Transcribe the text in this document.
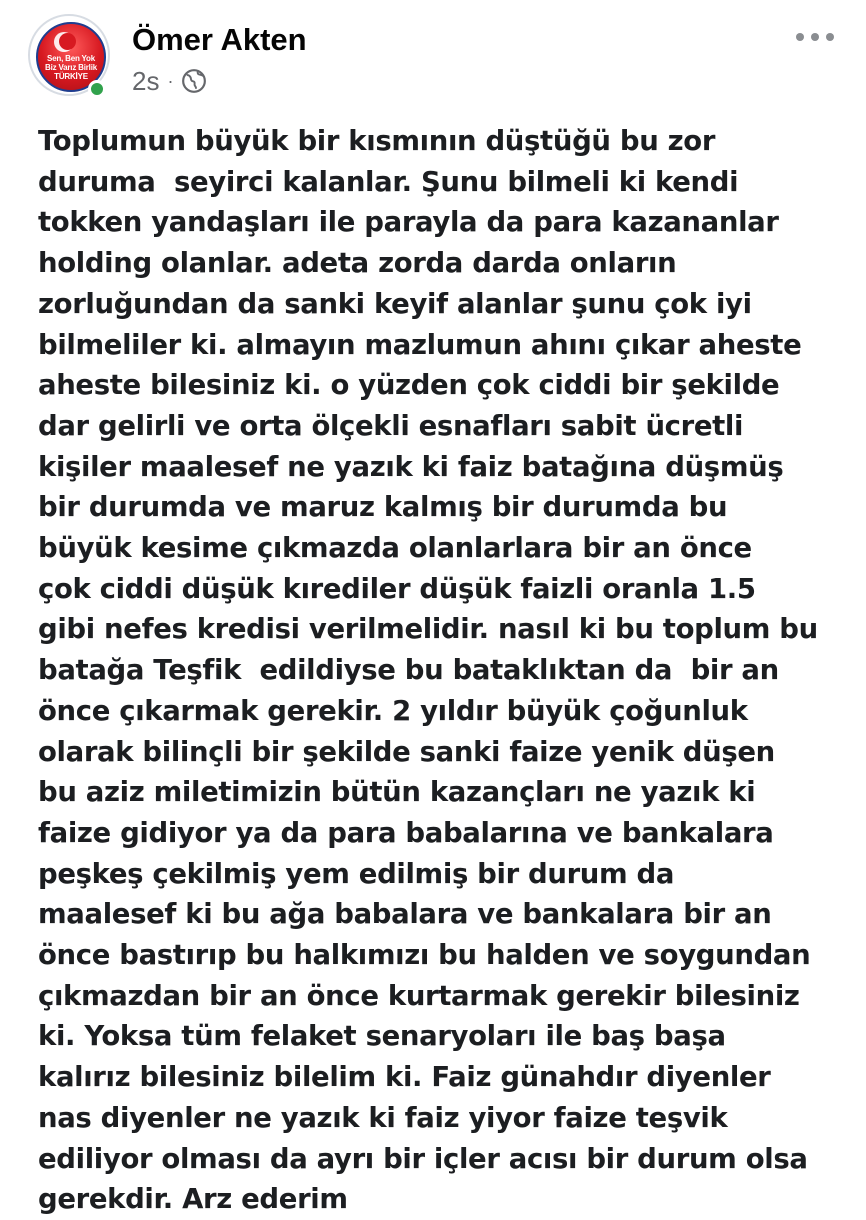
Sen, Ben Yok
Biz Varız Birlik
TÜRKİYE
Ömer Akten
2s ·
Toplumun büyük bir kısmının düştüğü bu zor
duruma  seyirci kalanlar. Şunu bilmeli ki kendi
tokken yandaşları ile parayla da para kazananlar
holding olanlar. adeta zorda darda onların
zorluğundan da sanki keyif alanlar şunu çok iyi
bilmeliler ki. almayın mazlumun ahını çıkar aheste
aheste bilesiniz ki. o yüzden çok ciddi bir şekilde
dar gelirli ve orta ölçekli esnafları sabit ücretli
kişiler maalesef ne yazık ki faiz batağına düşmüş
bir durumda ve maruz kalmış bir durumda bu
büyük kesime çıkmazda olanlarlara bir an önce
çok ciddi düşük kırediler düşük faizli oranla 1.5
gibi nefes kredisi verilmelidir. nasıl ki bu toplum bu
batağa Teşfik  edildiyse bu bataklıktan da  bir an
önce çıkarmak gerekir. 2 yıldır büyük çoğunluk
olarak bilinçli bir şekilde sanki faize yenik düşen
bu aziz miletimizin bütün kazançları ne yazık ki
faize gidiyor ya da para babalarına ve bankalara
peşkeş çekilmiş yem edilmiş bir durum da
maalesef ki bu ağa babalara ve bankalara bir an
önce bastırıp bu halkımızı bu halden ve soygundan
çıkmazdan bir an önce kurtarmak gerekir bilesiniz
ki. Yoksa tüm felaket senaryoları ile baş başa
kalırız bilesiniz bilelim ki. Faiz günahdır diyenler
nas diyenler ne yazık ki faiz yiyor faize teşvik
ediliyor olması da ayrı bir içler acısı bir durum olsa
gerekdir. Arz ederim
